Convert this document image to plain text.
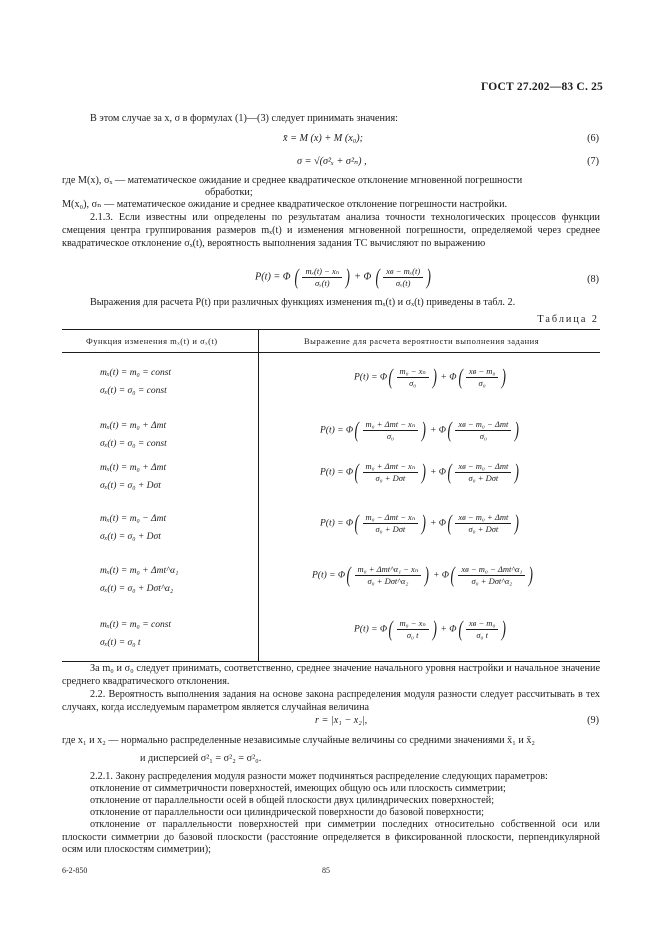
ГОСТ 27.202—83 С. 25
В этом случае за x, σ в формулах (1)—(3) следует принимать значения:
x̄ = M (x) + M (x₀);	(6)
σ = √(σ²ₓ + σ²ₙ) ,	(7)
где M(x), σₓ — математическое ожидание и среднее квадратическое отклонение мгновенной погрешности
обработки;
M(x₀), σₙ — математическое ожидание и среднее квадратическое отклонение погрешности настройки.
2.1.3. Если известны или определены по результатам анализа точности технологических процессов функции смещения центра группирования размеров mₓ(t) и изменения мгновенной погрешности, определяемой через среднее квадратическое отклонение σₓ(t), вероятность выполнения задания ТС вычисляют по выражению
P(t) = Φ ( $\frac{\text{mₓ(t) − xₙ}}{\text{σₓ(t)}}$ ) + Φ ( $\frac{\text{xв − mₓ(t)}}{\text{σₓ(t)}}$ )	(8)
Выражения для расчета P(t) при различных функциях изменения mₓ(t) и σₓ(t) приведены в табл. 2.
Таблица 2
Функция изменения mₓ(t) и σₓ(t)	Выражение для расчета вероятности выполнения задания
mₓ(t) = m₀ = const
σₓ(t) = σ₀ = const
$P(t) = \Phi( \frac{\text{m₀ − xₙ}}{\text{σ₀}}$ ) + $\Phi( \frac{\text{xв − m₀}}{\text{σ₀}}$ )
mₓ(t) = m₀ + Δmt
σₓ(t) = σ₀ = const
$P(t) = \Phi( \frac{\text{m₀ + Δmt − xₙ}}{\text{σ₀}}$ ) + $\Phi( \frac{\text{xв − m₀ − Δmt}}{\text{σ₀}}$ )
mₓ(t) = m₀ + Δmt
σₓ(t) = σ₀ + Dσt
$P(t) = \Phi( \frac{\text{m₀ + Δmt − xₙ}}{\text{σ₀ + Dσt}}$ ) + $\Phi( \frac{\text{xв − m₀ − Δmt}}{\text{σ₀ + Dσt}}$ )
mₓ(t) = m₀ − Δmt
σₓ(t) = σ₀ + Dσt
$P(t) = \Phi( \frac{\text{m₀ − Δmt − xₙ}}{\text{σ₀ + Dσt}}$ ) + $\Phi( \frac{\text{xв − m₀ + Δmt}}{\text{σ₀ + Dσt}}$ )
mₓ(t) = m₀ + Δmt^α₁
σₓ(t) = σ₀ + Dσt^α₂
$P(t) = \Phi( \frac{\text{m₀ + Δmt\textasciicircum{}α₁ − xₙ}}{\text{σ₀ + Dσt\textasciicircum{}α₂}}$ ) + $\Phi( \frac{\text{xв − m₀ − Δmt\textasciicircum{}α₁}}{\text{σ₀ + Dσt\textasciicircum{}α₂}}$ )
mₓ(t) = m₀ = const
σₓ(t) = σ₀ t
$P(t) = \Phi( \frac{\text{m₀ − xₙ}}{\text{σ₀ t}}$ ) + $\Phi( \frac{\text{xв − m₀}}{\text{σ₀ t}}$ )
За m₀ и σ₀ следует принимать, соответственно, среднее значение начального уровня настройки и начальное значение среднего квадратического отклонения.
2.2. Вероятность выполнения задания на основе закона распределения модуля разности следует рассчитывать в тех случаях, когда исследуемым параметром является случайная величина
r = |x₁ − x₂|,	(9)
где x₁ и x₂ — нормально распределенные независимые случайные величины со средними значениями x̄₁ и x̄₂
и дисперсией σ²₁ = σ²₂ = σ²₀.
2.2.1. Закону распределения модуля разности может подчиняться распределение следующих параметров:
отклонение от симметричности поверхностей, имеющих общую ось или плоскость симметрии;
отклонение от параллельности осей в общей плоскости двух цилиндрических поверхностей;
отклонение от параллельности оси цилиндрической поверхности до базовой поверхности;
отклонение от параллельности поверхностей при симметрии последних относительно собственной оси или плоскости симметрии до базовой плоскости (расстояние определяется в фиксированной плоскости, перпендикулярной осям или плоскостям симметрии);
6-2-850	85
